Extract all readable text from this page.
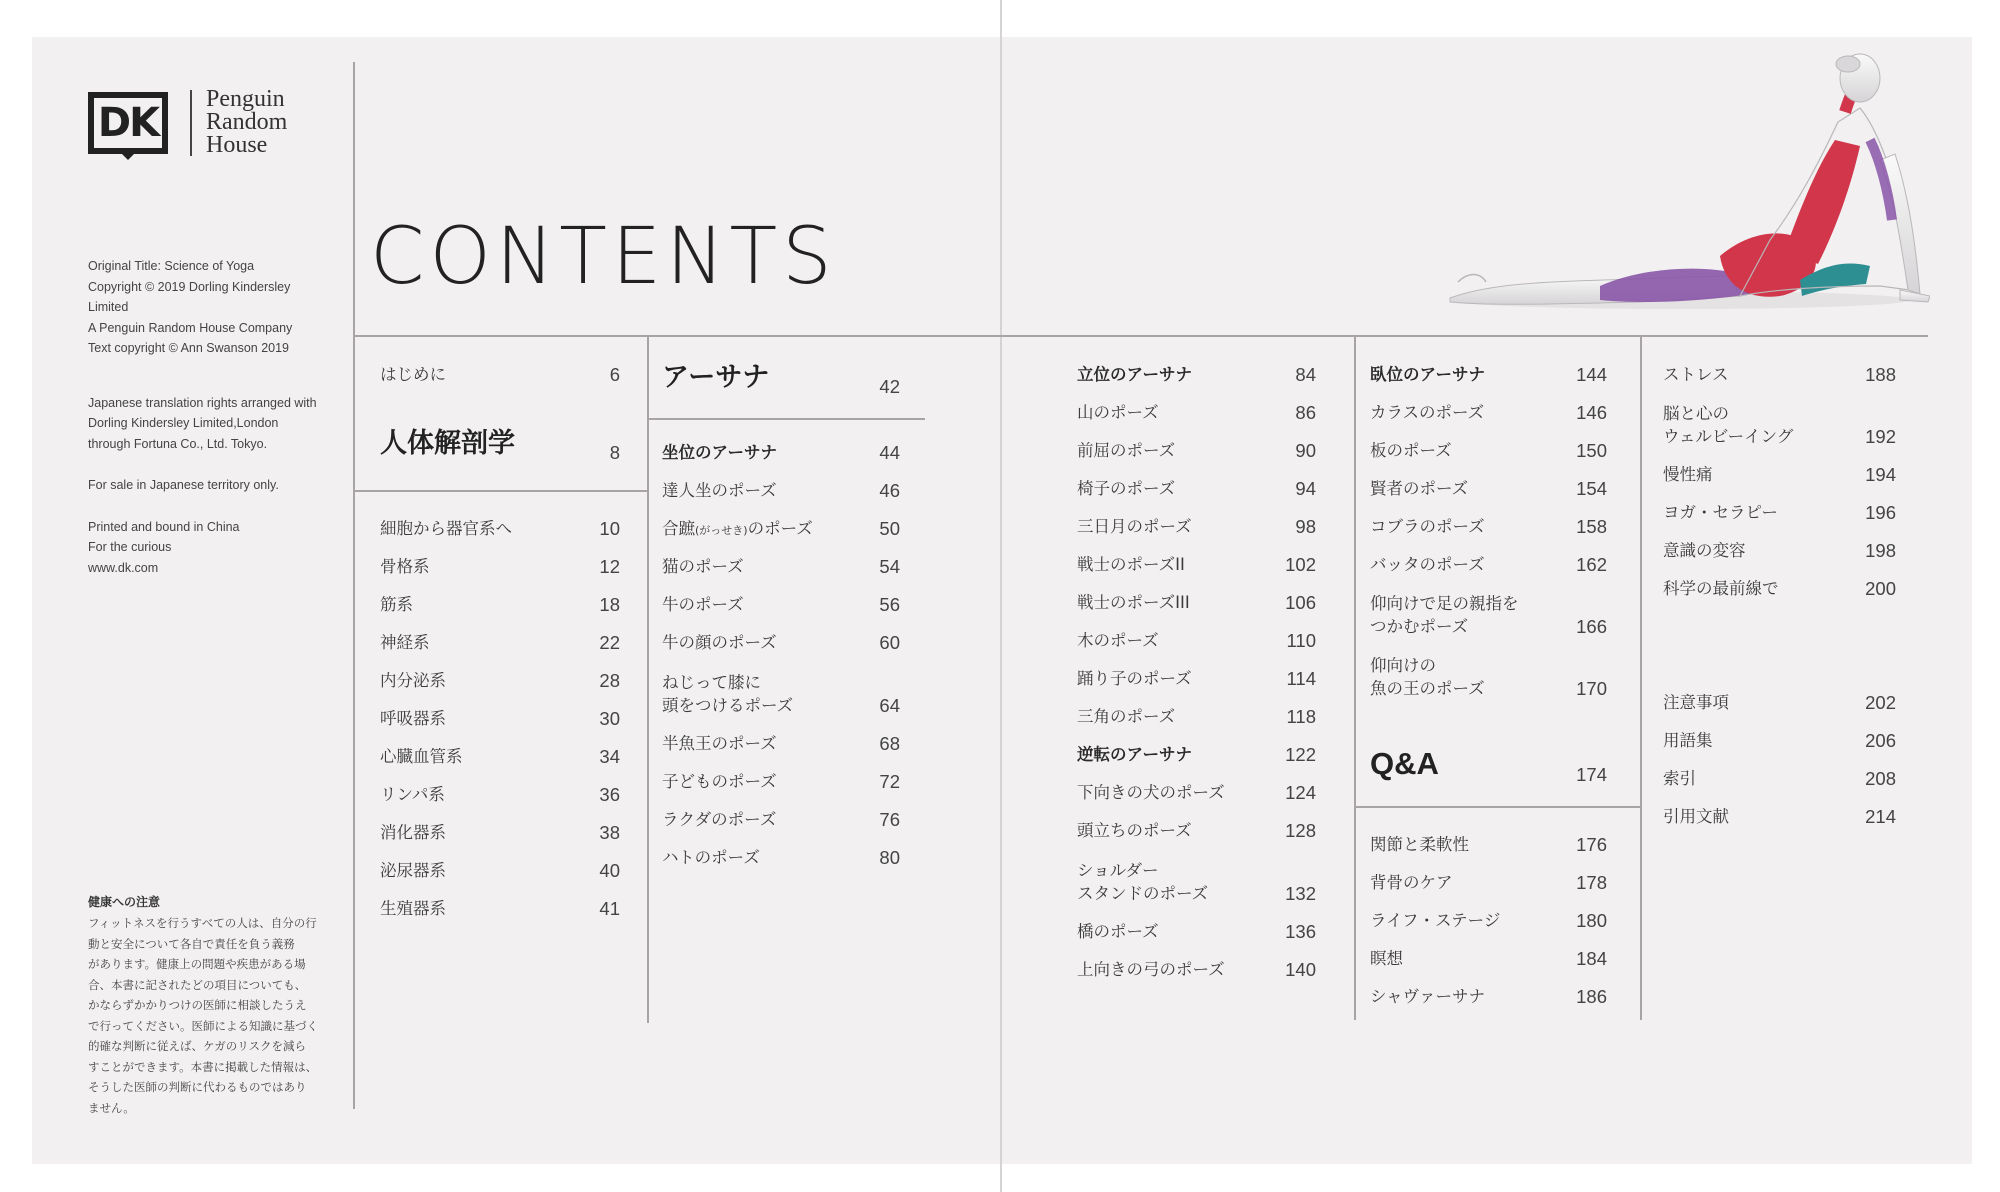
DK
Penguin
Random
House

Original Title: Science of Yoga
Copyright © 2019 Dorling Kindersley
Limited
A Penguin Random House Company
Text copyright © Ann Swanson 2019

Japanese translation rights arranged with
Dorling Kindersley Limited,London
through Fortuna Co., Ltd. Tokyo.
For sale in Japanese territory only.
Printed and bound in China
For the curious
www.dk.com
健康への注意
フィットネスを行うすべての人は、自分の行
動と安全について各自で責任を負う義務
があります。健康上の問題や疾患がある場
合、本書に記されたどの項目についても、
かならずかかりつけの医師に相談したうえ
で行ってください。医師による知識に基づく
的確な判断に従えば、ケガのリスクを減ら
すことができます。本書に掲載した情報は、
そうした医師の判断に代わるものではあり
ません。
CONTENTS
はじめに	6
人体解剖学	8
細胞から器官系へ	10
骨格系	12
筋系	18
神経系	22
内分泌系	28
呼吸器系	30
心臓血管系	34
リンパ系	36
消化器系	38
泌尿器系	40
生殖器系	41
アーサナ	42
坐位のアーサナ	44
達人坐のポーズ	46
合蹠(がっせき)のポーズ	50
猫のポーズ	54
牛のポーズ	56
牛の顔のポーズ	60
ねじって膝に
頭をつけるポーズ	64
半魚王のポーズ	68
子どものポーズ	72
ラクダのポーズ	76
ハトのポーズ	80
立位のアーサナ	84
山のポーズ	86
前屈のポーズ	90
椅子のポーズ	94
三日月のポーズ	98
戦士のポーズII	102
戦士のポーズIII	106
木のポーズ	110
踊り子のポーズ	114
三角のポーズ	118
逆転のアーサナ	122
下向きの犬のポーズ	124
頭立ちのポーズ	128
ショルダー
スタンドのポーズ	132
橋のポーズ	136
上向きの弓のポーズ	140
臥位のアーサナ	144
カラスのポーズ	146
板のポーズ	150
賢者のポーズ	154
コブラのポーズ	158
バッタのポーズ	162
仰向けで足の親指を
つかむポーズ	166
仰向けの
魚の王のポーズ	170
Q&A	174
関節と柔軟性	176
背骨のケア	178
ライフ・ステージ	180
瞑想	184
シャヴァーサナ	186
ストレス	188
脳と心の
ウェルビーイング	192
慢性痛	194
ヨガ・セラピー	196
意識の変容	198
科学の最前線で	200
注意事項	202
用語集	206
索引	208
引用文献	214
